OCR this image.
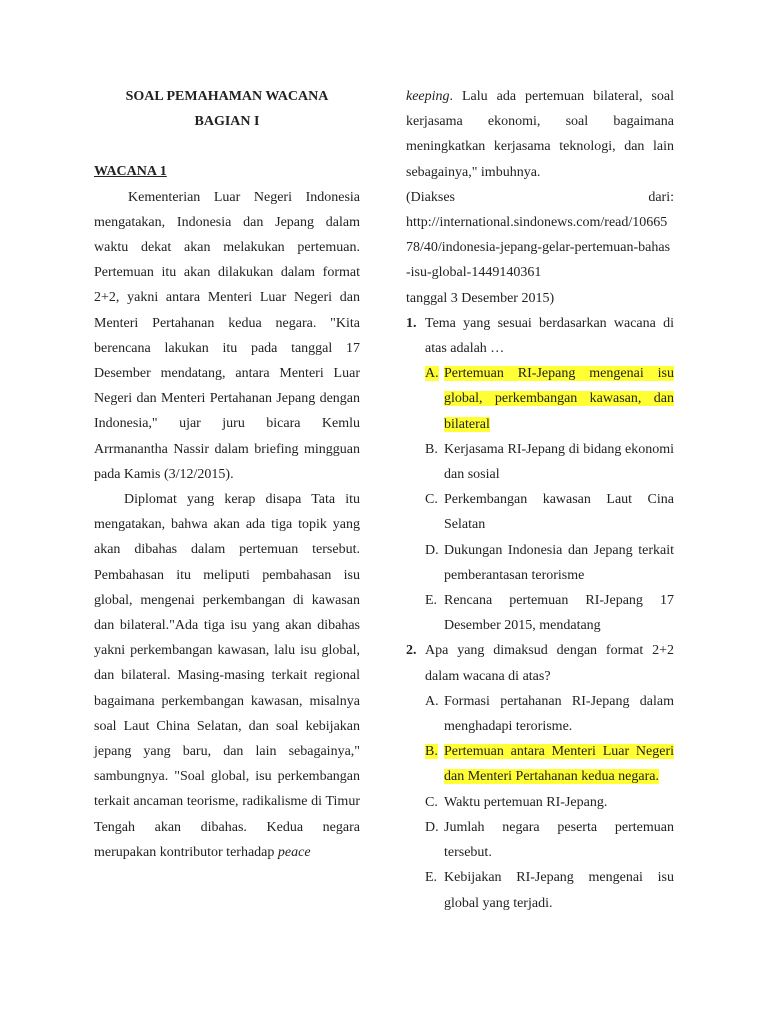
SOAL PEMAHAMAN WACANA

BAGIAN I

WACANA 1

Kementerian Luar Negeri Indonesia mengatakan, Indonesia dan Jepang dalam waktu dekat akan melakukan pertemuan. Pertemuan itu akan dilakukan dalam format 2+2, yakni antara Menteri Luar Negeri dan Menteri Pertahanan kedua negara. "Kita berencana lakukan itu pada tanggal 17 Desember mendatang, antara Menteri Luar Negeri dan Menteri Pertahanan Jepang dengan Indonesia," ujar juru bicara Kemlu Arrmanantha Nassir dalam briefing mingguan pada Kamis (3/12/2015).

Diplomat yang kerap disapa Tata itu mengatakan, bahwa akan ada tiga topik yang akan dibahas dalam pertemuan tersebut. Pembahasan itu meliputi pembahasan isu global, mengenai perkembangan di kawasan dan bilateral."Ada tiga isu yang akan dibahas yakni perkembangan kawasan, lalu isu global, dan bilateral. Masing-masing terkait regional bagaimana perkembangan kawasan, misalnya soal Laut China Selatan, dan soal kebijakan jepang yang baru, dan lain sebagainya," sambungnya. "Soal global, isu perkembangan terkait ancaman teorisme, radikalisme di Timur Tengah akan dibahas. Kedua negara merupakan kontributor terhadap peace

keeping. Lalu ada pertemuan bilateral, soal kerjasama ekonomi, soal bagaimana meningkatkan kerjasama teknologi, dan lain sebagainya," imbuhnya.

(Diakses	dari:
http://international.sindonews.com/read/1066578/40/indonesia-jepang-gelar-pertemuan-bahas-isu-global-1449140361
tanggal 3 Desember 2015)
1. Tema yang sesuai berdasarkan wacana di atas adalah …
A. Pertemuan RI-Jepang mengenai isu global, perkembangan kawasan, dan bilateral
B. Kerjasama RI-Jepang di bidang ekonomi dan sosial
C. Perkembangan kawasan Laut Cina Selatan
D. Dukungan Indonesia dan Jepang terkait pemberantasan terorisme
E. Rencana pertemuan RI-Jepang 17 Desember 2015, mendatang
2. Apa yang dimaksud dengan format 2+2 dalam wacana di atas?
A. Formasi pertahanan RI-Jepang dalam menghadapi terorisme.
B. Pertemuan antara Menteri Luar Negeri dan Menteri Pertahanan kedua negara.
C. Waktu pertemuan RI-Jepang.
D. Jumlah negara peserta pertemuan tersebut.
E. Kebijakan RI-Jepang mengenai isu global yang terjadi.
